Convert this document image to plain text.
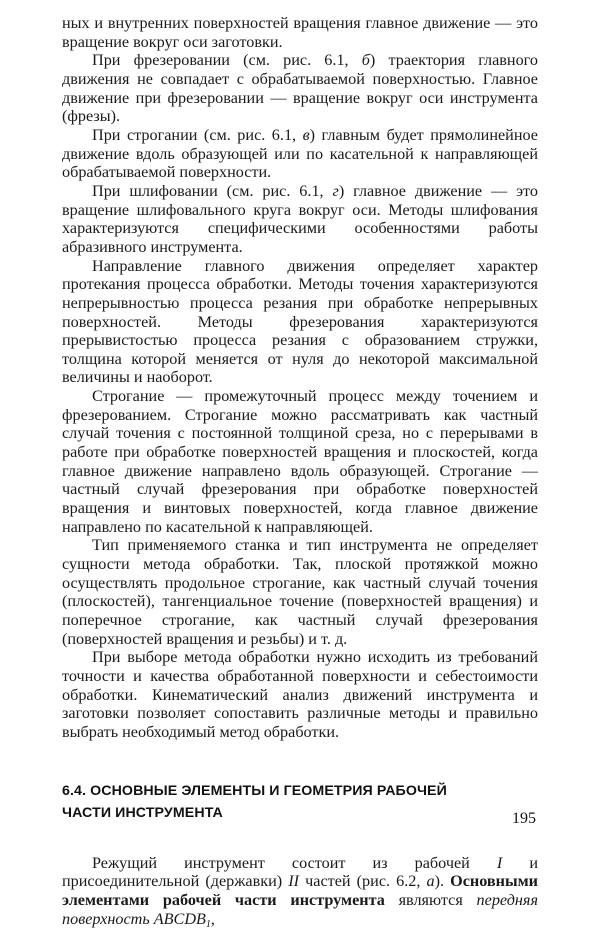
ных и внутренних поверхностей вращения главное движение — это вращение вокруг оси заготовки.

При фрезеровании (см. рис. 6.1, б) траектория главного движения не совпадает с обрабатываемой поверхностью. Главное движение при фрезеровании — вращение вокруг оси инструмента (фрезы).

При строгании (см. рис. 6.1, в) главным будет прямолинейное движение вдоль образующей или по касательной к направляющей обрабатываемой поверхности.

При шлифовании (см. рис. 6.1, г) главное движение — это вращение шлифовального круга вокруг оси. Методы шлифования характеризуются специфическими особенностями работы абразивного инструмента.

Направление главного движения определяет характер протекания процесса обработки. Методы точения характеризуются непрерывностью процесса резания при обработке непрерывных поверхностей. Методы фрезерования характеризуются прерывистостью процесса резания с образованием стружки, толщина которой меняется от нуля до некоторой максимальной величины и наоборот.

Строгание — промежуточный процесс между точением и фрезерованием. Строгание можно рассматривать как частный случай точения с постоянной толщиной среза, но с перерывами в работе при обработке поверхностей вращения и плоскостей, когда главное движение направлено вдоль образующей. Строгание — частный случай фрезерования при обработке поверхностей вращения и винтовых поверхностей, когда главное движение направлено по касательной к направляющей.

Тип применяемого станка и тип инструмента не определяет сущности метода обработки. Так, плоской протяжкой можно осуществлять продольное строгание, как частный случай точения (плоскостей), тангенциальное точение (поверхностей вращения) и поперечное строгание, как частный случай фрезерования (поверхностей вращения и резьбы) и т. д.

При выборе метода обработки нужно исходить из требований точности и качества обработанной поверхности и себестоимости обработки. Кинематический анализ движений инструмента и заготовки позволяет сопоставить различные методы и правильно выбрать необходимый метод обработки.

6.4. ОСНОВНЫЕ ЭЛЕМЕНТЫ И ГЕОМЕТРИЯ РАБОЧЕЙ
ЧАСТИ ИНСТРУМЕНТА

Режущий инструмент состоит из рабочей I и присоединительной (державки) II частей (рис. 6.2, а). Основными элементами рабочей части инструмента являются передняя поверхность $ABCDB_1$,

195
